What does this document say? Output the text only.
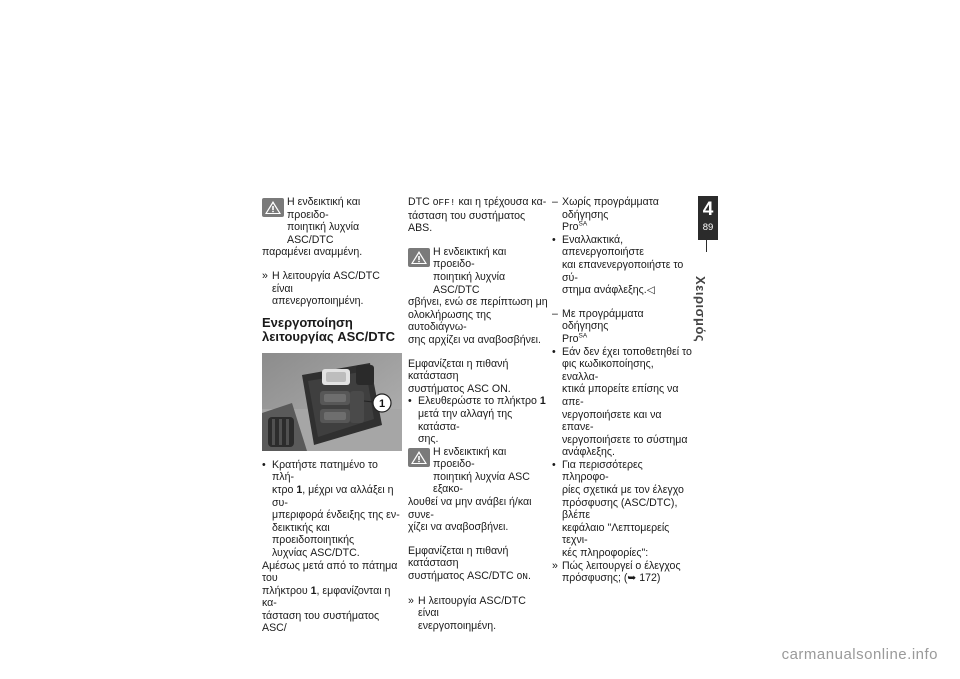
Η ενδεικτική και προειδο-

ποιητική λυχνία ASC/DTC

παραμένει αναμμένη.

» Η λειτουργία ASC/DTC είναι

απενεργοποιημένη.

Ενεργοποίηση
λειτουργίας ASC/DTC
1
• Κρατήστε πατημένο το πλή-

κτρο 1, μέχρι να αλλάξει η συ-

μπεριφορά ένδειξης της εν-

δεικτικής και προειδοποιητικής

λυχνίας ASC/DTC.

Αμέσως μετά από το πάτημα του

πλήκτρου 1, εμφανίζονται η κα-

τάσταση του συστήματος ASC/

DTC OFF! και η τρέχουσα κα-

τάσταση του συστήματος ABS.

Η ενδεικτική και προειδο-

ποιητική λυχνία ASC/DTC

σβήνει, ενώ σε περίπτωση μη

ολοκλήρωσης της αυτοδιάγνω-

σης αρχίζει να αναβοσβήνει.

Εμφανίζεται η πιθανή κατάσταση

συστήματος ASC ON.

• Ελευθερώστε το πλήκτρο 1

μετά την αλλαγή της κατάστα-

σης.

Η ενδεικτική και προειδο-

ποιητική λυχνία ASC εξακο-

λουθεί να μην ανάβει ή/και συνε-

χίζει να αναβοσβήνει.

Εμφανίζεται η πιθανή κατάσταση

συστήματος ASC/DTC ON.

» Η λειτουργία ASC/DTC είναι

ενεργοποιημένη.

– Χωρίς προγράμματα οδήγησης

Pro$^{SA}$

• Εναλλακτικά, απενεργοποιήστε

και επανενεργοποιήστε το σύ-

στημα ανάφλεξης.◁

– Με προγράμματα οδήγησης

Pro$^{SA}$

• Εάν δεν έχει τοποθετηθεί το

φις κωδικοποίησης, εναλλα-

κτικά μπορείτε επίσης να απε-

νεργοποιήσετε και να επανε-

νεργοποιήσετε το σύστημα

ανάφλεξης.

• Για περισσότερες πληροφο-

ρίες σχετικά με τον έλεγχο

πρόσφυσης (ASC/DTC), βλέπε

κεφάλαιο "Λεπτομερείς τεχνι-

κές πληροφορίες":

» Πώς λειτουργεί ο έλεγχος

πρόσφυσης; (➥ 172)

4
89
Χειρισμός
carmanualsonline.info
